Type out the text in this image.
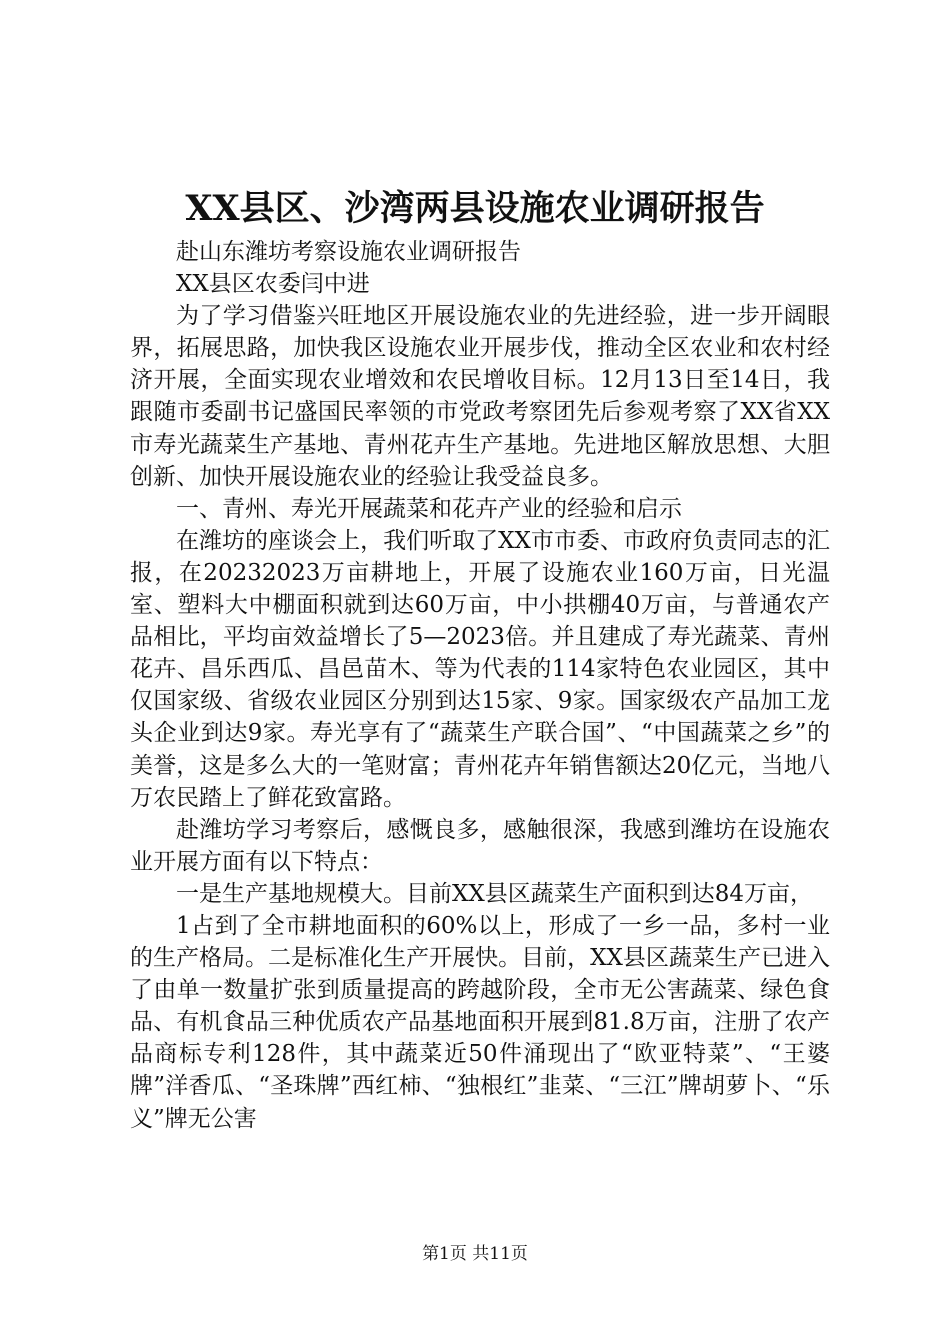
XX县区、沙湾两县设施农业调研报告

赴山东潍坊考察设施农业调研报告

XX县区农委闫中进

为了学习借鉴兴旺地区开展设施农业的先进经验，进一步开阔眼界，拓展思路，加快我区设施农业开展步伐，推动全区农业和农村经济开展，全面实现农业增效和农民增收目标。12月13日至14日，我跟随市委副书记盛国民率领的市党政考察团先后参观考察了XX省XX市寿光蔬菜生产基地、青州花卉生产基地。先进地区解放思想、大胆创新、加快开展设施农业的经验让我受益良多。

一、青州、寿光开展蔬菜和花卉产业的经验和启示

在潍坊的座谈会上，我们听取了XX市市委、市政府负责同志的汇报，在20232023万亩耕地上，开展了设施农业160万亩，日光温室、塑料大中棚面积就到达60万亩，中小拱棚40万亩，与普通农产品相比，平均亩效益增长了5—2023倍。并且建成了寿光蔬菜、青州花卉、昌乐西瓜、昌邑苗木、等为代表的114家特色农业园区，其中仅国家级、省级农业园区分别到达15家、9家。国家级农产品加工龙头企业到达9家。寿光享有了“蔬菜生产联合国”、“中国蔬菜之乡”的美誉，这是多么大的一笔财富；青州花卉年销售额达20亿元，当地八万农民踏上了鲜花致富路。

赴潍坊学习考察后，感慨良多，感触很深，我感到潍坊在设施农业开展方面有以下特点：

一是生产基地规模大。目前XX县区蔬菜生产面积到达84万亩，

1占到了全市耕地面积的60%以上，形成了一乡一品，多村一业的生产格局。二是标准化生产开展快。目前，XX县区蔬菜生产已进入了由单一数量扩张到质量提高的跨越阶段，全市无公害蔬菜、绿色食品、有机食品三种优质农产品基地面积开展到81.8万亩，注册了农产品商标专利128件，其中蔬菜近50件涌现出了“欧亚特菜”、“王婆牌”洋香瓜、“圣珠牌”西红柿、“独根红”韭菜、“三江”牌胡萝卜、“乐义”牌无公害

第1页 共11页
